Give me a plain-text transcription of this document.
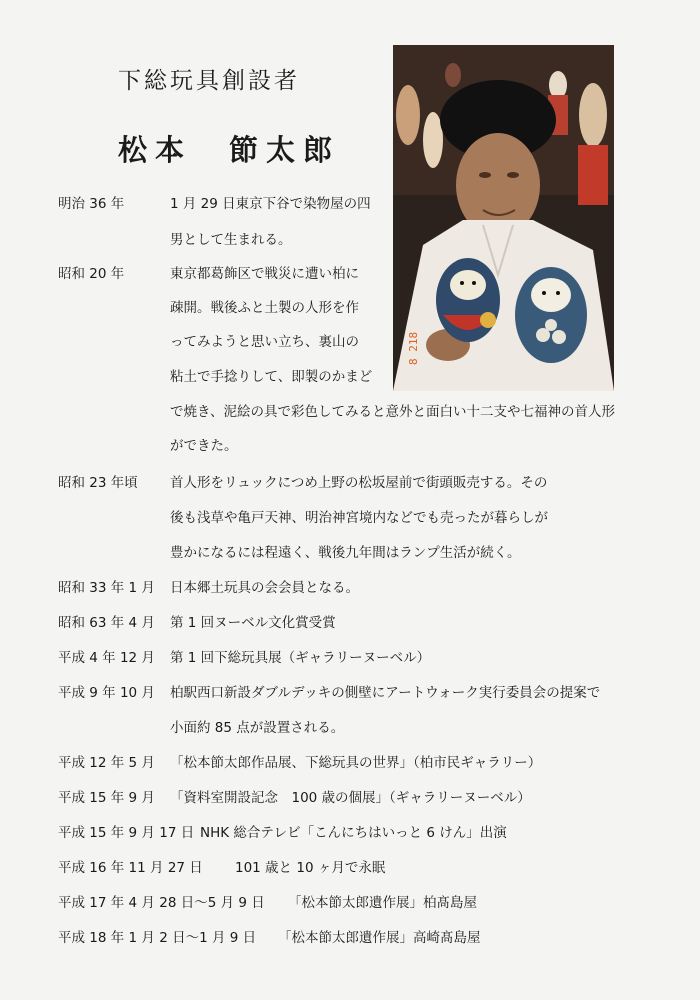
下総玩具創設者
松本　節太郎
8 218
明治 36 年	1 月 29 日東京下谷で染物屋の四
男として生まれる。
昭和 20 年	東京都葛飾区で戦災に遭い柏に
疎開。戦後ふと土製の人形を作
ってみようと思い立ち、裏山の
粘土で手捻りして、即製のかまど
で焼き、泥絵の具で彩色してみると意外と面白い十二支や七福神の首人形
ができた。
昭和 23 年頃 首人形をリュックにつめ上野の松坂屋前で街頭販売する。その
後も浅草や亀戸天神、明治神宮境内などでも売ったが暮らしが
豊かになるには程遠く、戦後九年間はランプ生活が続く。
昭和 33 年 1 月 日本郷土玩具の会会員となる。
昭和 63 年 4 月 第 1 回ヌーベル文化賞受賞
平成 4 年 12 月 第 1 回下総玩具展（ギャラリーヌーベル）
平成 9 年 10 月 柏駅西口新設ダブルデッキの側壁にアートウォーク実行委員会の提案で
小面約 85 点が設置される。
平成 12 年 5 月 「松本節太郎作品展、下総玩具の世界」（柏市民ギャラリー）
平成 15 年 9 月 「資料室開設記念　100 歳の個展」（ギャラリーヌーベル）
平成 15 年 9 月 17 日 NHK 総合テレビ「こんにちはいっと 6 けん」出演
平成 16 年 11 月 27 日 101 歳と 10 ヶ月で永眠
平成 17 年 4 月 28 日～5 月 9 日 「松本節太郎遺作展」柏髙島屋
平成 18 年 1 月 2 日～1 月 9 日 「松本節太郎遺作展」高崎髙島屋
